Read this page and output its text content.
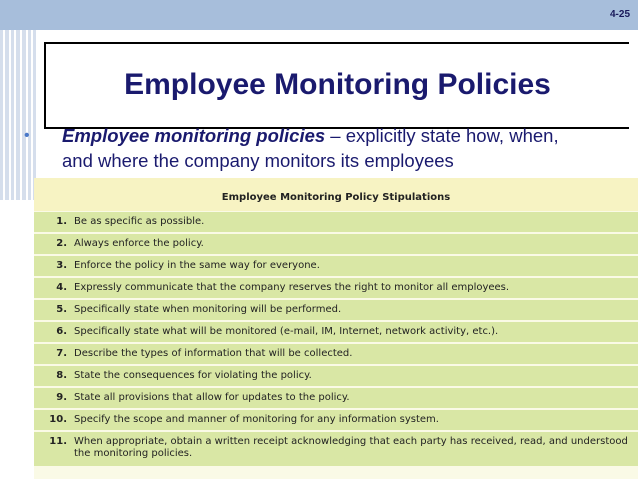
4-25
Employee Monitoring Policies
• Employee monitoring policies – explicitly state how, when, and where the company monitors its employees
Employee Monitoring Policy Stipulations
1. Be as specific as possible.
2. Always enforce the policy.
3. Enforce the policy in the same way for everyone.
4. Expressly communicate that the company reserves the right to monitor all employees.
5. Specifically state when monitoring will be performed.
6. Specifically state what will be monitored (e-mail, IM, Internet, network activity, etc.).
7. Describe the types of information that will be collected.
8. State the consequences for violating the policy.
9. State all provisions that allow for updates to the policy.
10. Specify the scope and manner of monitoring for any information system.
11. When appropriate, obtain a written receipt acknowledging that each party has received, read, and understood the monitoring policies.
